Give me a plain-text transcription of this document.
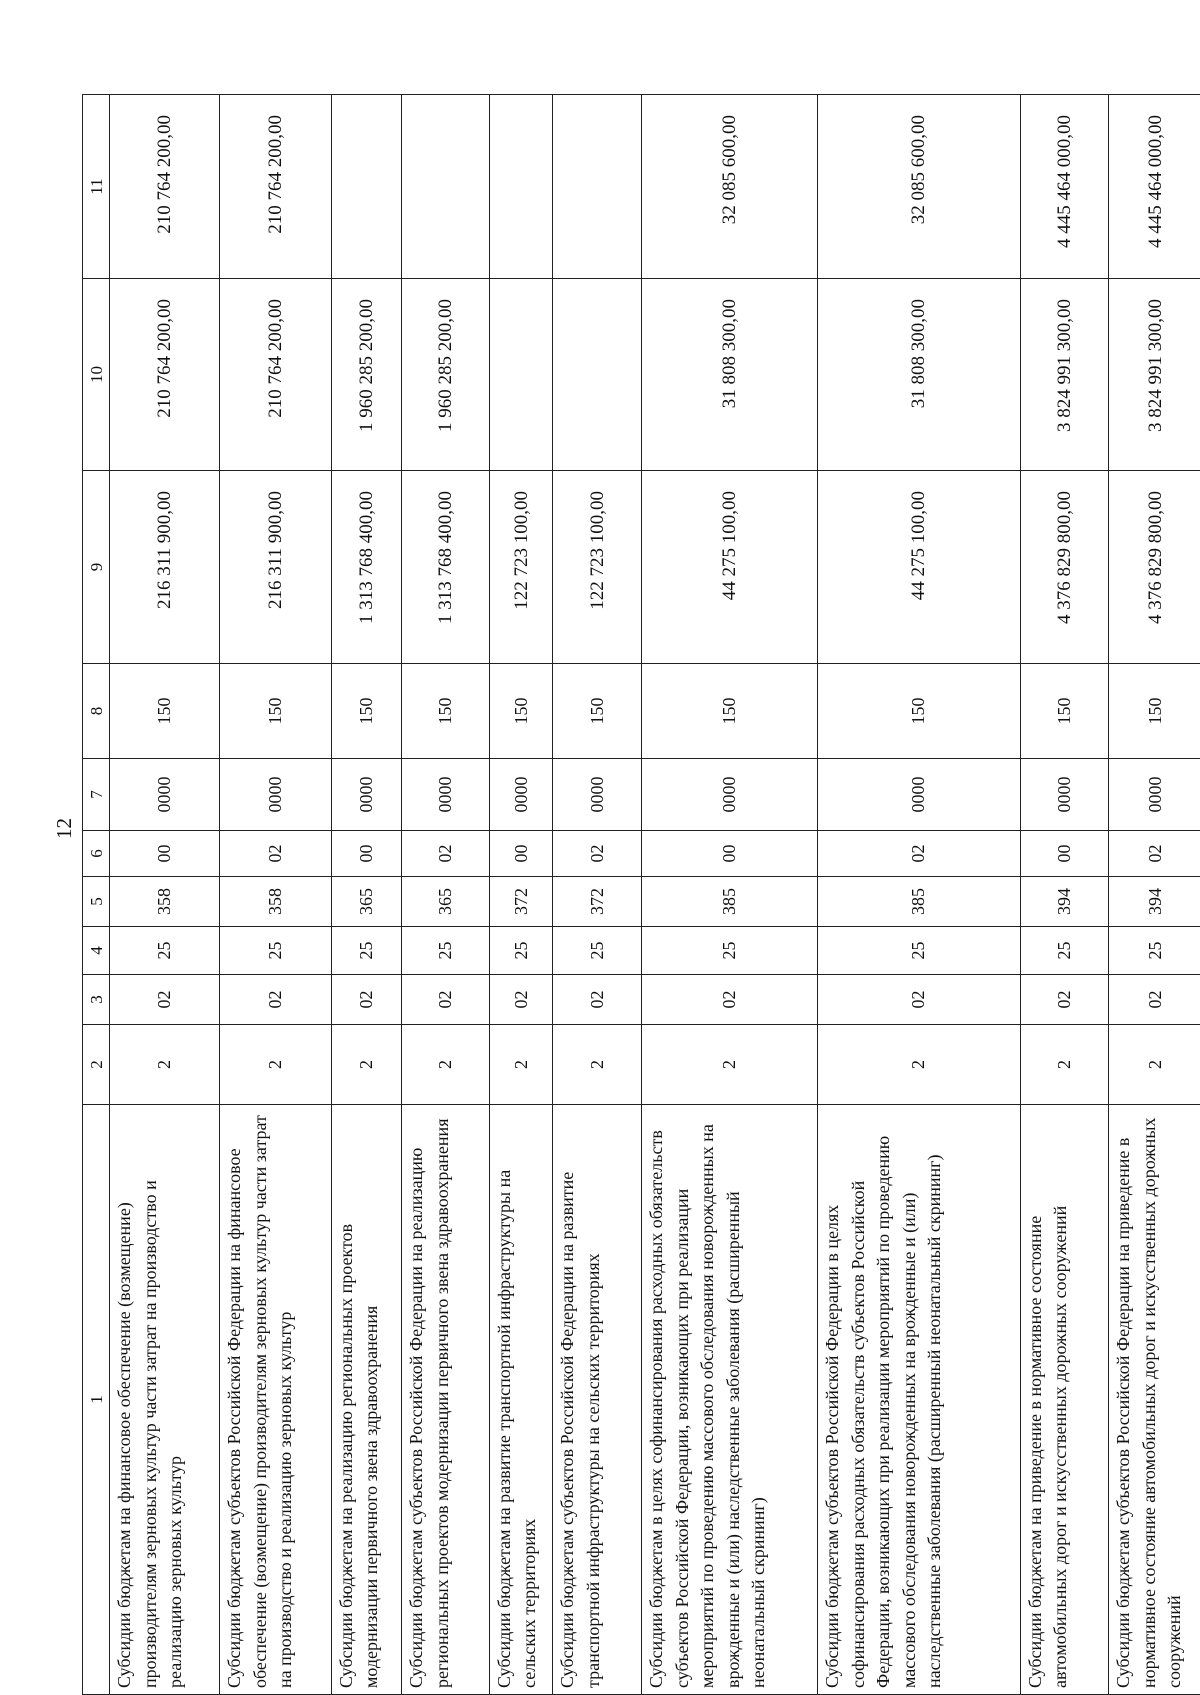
12
1	2	3	4	5	6	7	8	9	10	11
Субсидии бюджетам на финансовое обеспечение (возмещение) производителям зерновых культур части затрат на производство и реализацию зерновых культур	2	02	25	358	00	0000	150	216 311 900,00	210 764 200,00	210 764 200,00
Субсидии бюджетам субъектов Российской Федерации на финансовое обеспечение (возмещение) производителям зерновых культур части затрат на производство и реализацию зерновых культур	2	02	25	358	02	0000	150	216 311 900,00	210 764 200,00	210 764 200,00
Субсидии бюджетам на реализацию региональных проектов модернизации первичного звена здравоохранения	2	02	25	365	00	0000	150	1 313 768 400,00	1 960 285 200,00	
Субсидии бюджетам субъектов Российской Федерации на реализацию региональных проектов модернизации первичного звена здравоохранения	2	02	25	365	02	0000	150	1 313 768 400,00	1 960 285 200,00	
Субсидии бюджетам на развитие транспортной инфраструктуры на сельских территориях	2	02	25	372	00	0000	150	122 723 100,00		
Субсидии бюджетам субъектов Российской Федерации на развитие транспортной инфраструктуры на сельских территориях	2	02	25	372	02	0000	150	122 723 100,00		
Субсидии бюджетам в целях софинансирования расходных обязательств субъектов Российской Федерации, возникающих при реализации мероприятий по проведению массового обследования новорожденных на врожденные и (или) наследственные заболевания (расширенный неонатальный скрининг)	2	02	25	385	00	0000	150	44 275 100,00	31 808 300,00	32 085 600,00
Субсидии бюджетам субъектов Российской Федерации в целях софинансирования расходных обязательств субъектов Российской Федерации, возникающих при реализации мероприятий по проведению массового обследования новорожденных на врожденные и (или) наследственные заболевания (расширенный неонатальный скрининг)	2	02	25	385	02	0000	150	44 275 100,00	31 808 300,00	32 085 600,00
Субсидии бюджетам на приведение в нормативное состояние автомобильных дорог и искусственных дорожных сооружений	2	02	25	394	00	0000	150	4 376 829 800,00	3 824 991 300,00	4 445 464 000,00
Субсидии бюджетам субъектов Российской Федерации на приведение в нормативное состояние автомобильных дорог и искусственных дорожных сооружений	2	02	25	394	02	0000	150	4 376 829 800,00	3 824 991 300,00	4 445 464 000,00
